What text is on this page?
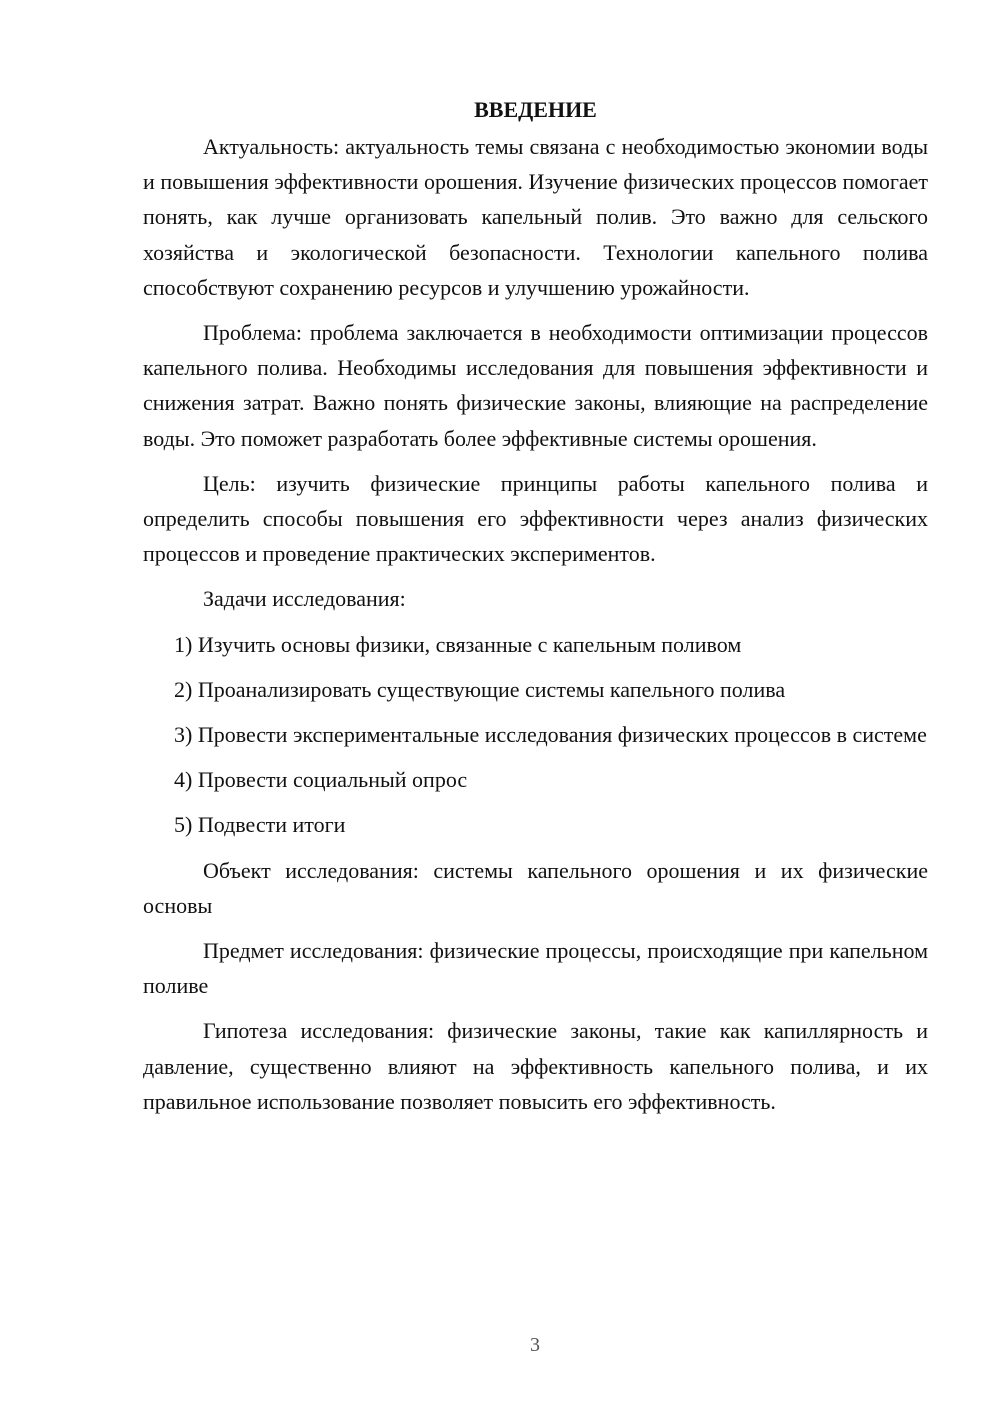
ВВЕДЕНИЕ

Актуальность: актуальность темы связана с необходимостью экономии воды и повышения эффективности орошения. Изучение физических процессов помогает понять, как лучше организовать капельный полив. Это важно для сельского хозяйства и экологической безопасности. Технологии капельного полива способствуют сохранению ресурсов и улучшению урожайности.

Проблема: проблема заключается в необходимости оптимизации процессов капельного полива. Необходимы исследования для повышения эффективности и снижения затрат. Важно понять физические законы, влияющие на распределение воды. Это поможет разработать более эффективные системы орошения.

Цель: изучить физические принципы работы капельного полива и определить способы повышения его эффективности через анализ физических процессов и проведение практических экспериментов.

Задачи исследования:

1) Изучить основы физики, связанные с капельным поливом

2) Проанализировать существующие системы капельного полива

3) Провести экспериментальные исследования физических процессов в системе

4) Провести социальный опрос

5) Подвести итоги

Объект исследования: системы капельного орошения и их физические основы

Предмет исследования: физические процессы, происходящие при капельном поливе

Гипотеза исследования: физические законы, такие как капиллярность и давление, существенно влияют на эффективность капельного полива, и их правильное использование позволяет повысить его эффективность.

3
